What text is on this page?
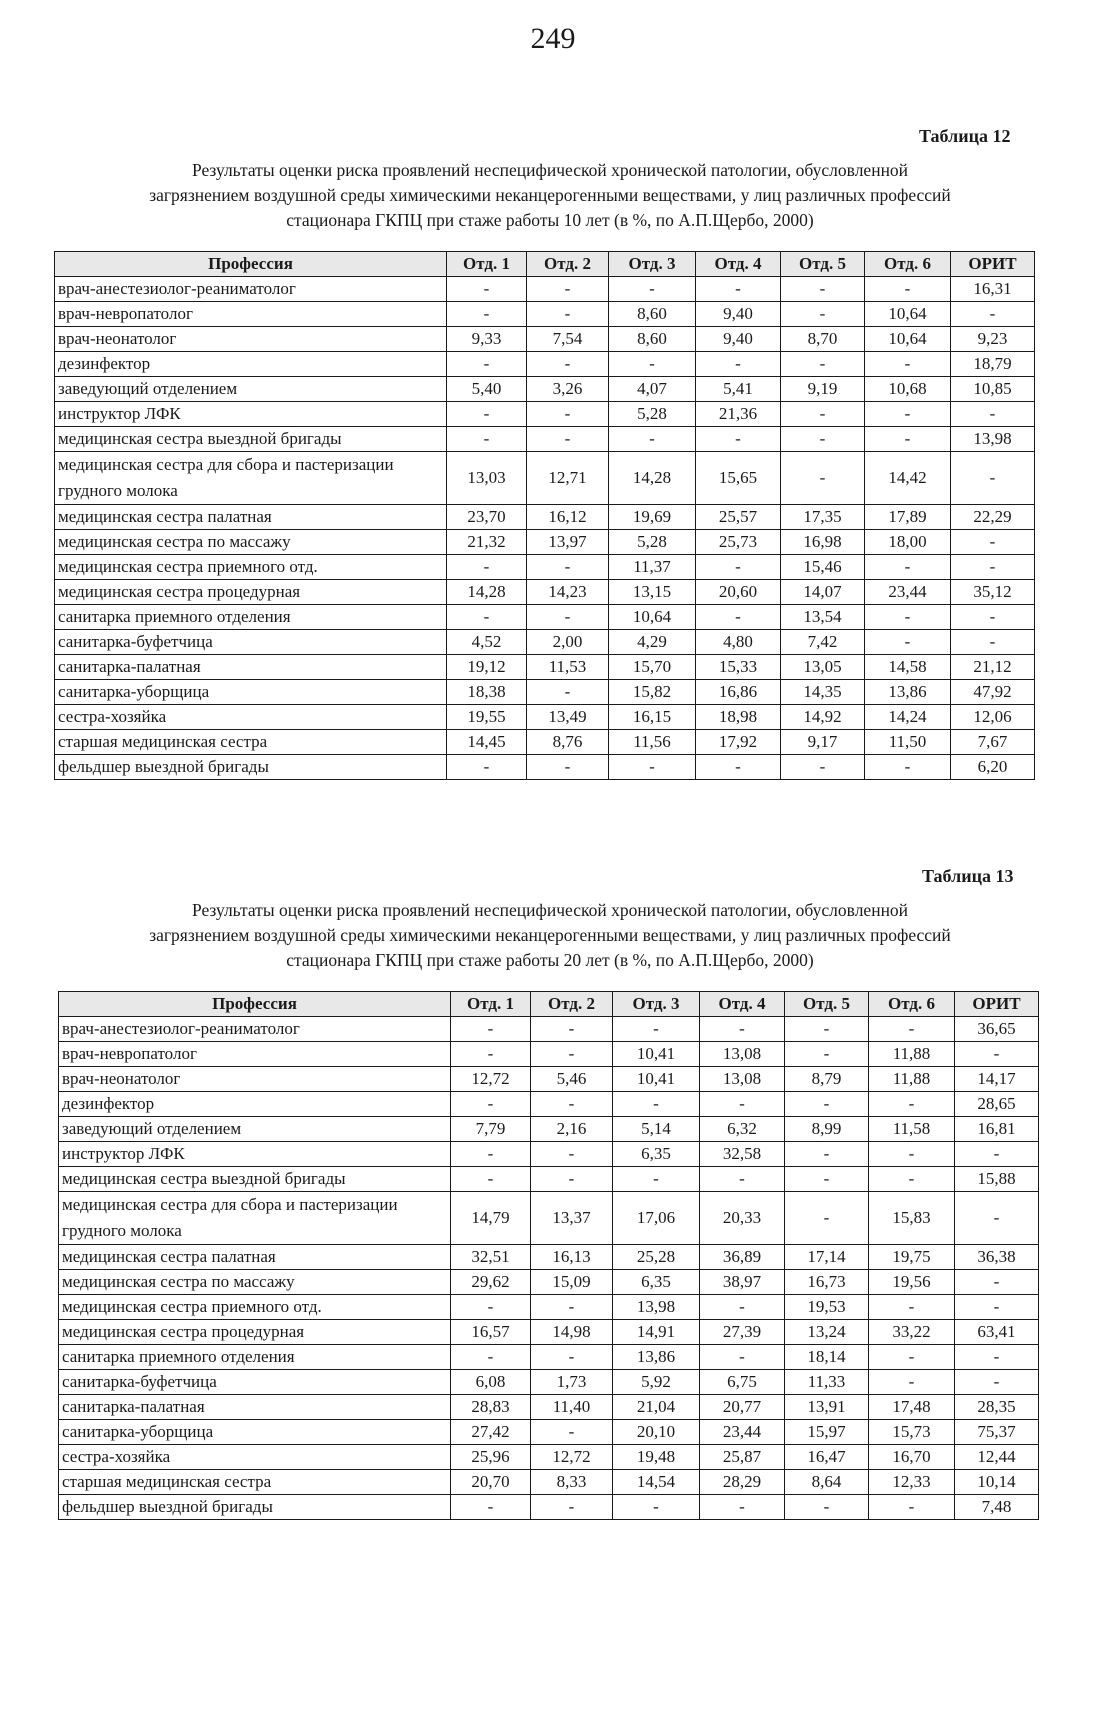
249
Таблица 12
Результаты оценки риска проявлений неспецифической хронической патологии, обусловленной
загрязнением воздушной среды химическими неканцерогенными веществами, у лиц различных профессий
стационара ГКПЦ при стаже работы 10 лет (в %, по А.П.Щербо, 2000)
Профессия	Отд. 1	Отд. 2	Отд. 3	Отд. 4	Отд. 5	Отд. 6	ОРИТ
врач-анестезиолог-реаниматолог	-	-	-	-	-	-	16,31
врач-невропатолог	-	-	8,60	9,40	-	10,64	-
врач-неонатолог	9,33	7,54	8,60	9,40	8,70	10,64	9,23
дезинфектор	-	-	-	-	-	-	18,79
заведующий отделением	5,40	3,26	4,07	5,41	9,19	10,68	10,85
инструктор ЛФК	-	-	5,28	21,36	-	-	-
медицинская сестра выездной бригады	-	-	-	-	-	-	13,98
медицинская сестра для сбора и пастеризации грудного молока	13,03	12,71	14,28	15,65	-	14,42	-
медицинская сестра палатная	23,70	16,12	19,69	25,57	17,35	17,89	22,29
медицинская сестра по массажу	21,32	13,97	5,28	25,73	16,98	18,00	-
медицинская сестра приемного отд.	-	-	11,37	-	15,46	-	-
медицинская сестра процедурная	14,28	14,23	13,15	20,60	14,07	23,44	35,12
санитарка приемного отделения	-	-	10,64	-	13,54	-	-
санитарка-буфетчица	4,52	2,00	4,29	4,80	7,42	-	-
санитарка-палатная	19,12	11,53	15,70	15,33	13,05	14,58	21,12
санитарка-уборщица	18,38	-	15,82	16,86	14,35	13,86	47,92
сестра-хозяйка	19,55	13,49	16,15	18,98	14,92	14,24	12,06
старшая медицинская сестра	14,45	8,76	11,56	17,92	9,17	11,50	7,67
фельдшер выездной бригады	-	-	-	-	-	-	6,20
Таблица 13
Результаты оценки риска проявлений неспецифической хронической патологии, обусловленной
загрязнением воздушной среды химическими неканцерогенными веществами, у лиц различных профессий
стационара ГКПЦ при стаже работы 20 лет (в %, по А.П.Щербо, 2000)
Профессия	Отд. 1	Отд. 2	Отд. 3	Отд. 4	Отд. 5	Отд. 6	ОРИТ
врач-анестезиолог-реаниматолог	-	-	-	-	-	-	36,65
врач-невропатолог	-	-	10,41	13,08	-	11,88	-
врач-неонатолог	12,72	5,46	10,41	13,08	8,79	11,88	14,17
дезинфектор	-	-	-	-	-	-	28,65
заведующий отделением	7,79	2,16	5,14	6,32	8,99	11,58	16,81
инструктор ЛФК	-	-	6,35	32,58	-	-	-
медицинская сестра выездной бригады	-	-	-	-	-	-	15,88
медицинская сестра для сбора и пастеризации грудного молока	14,79	13,37	17,06	20,33	-	15,83	-
медицинская сестра палатная	32,51	16,13	25,28	36,89	17,14	19,75	36,38
медицинская сестра по массажу	29,62	15,09	6,35	38,97	16,73	19,56	-
медицинская сестра приемного отд.	-	-	13,98	-	19,53	-	-
медицинская сестра процедурная	16,57	14,98	14,91	27,39	13,24	33,22	63,41
санитарка приемного отделения	-	-	13,86	-	18,14	-	-
санитарка-буфетчица	6,08	1,73	5,92	6,75	11,33	-	-
санитарка-палатная	28,83	11,40	21,04	20,77	13,91	17,48	28,35
санитарка-уборщица	27,42	-	20,10	23,44	15,97	15,73	75,37
сестра-хозяйка	25,96	12,72	19,48	25,87	16,47	16,70	12,44
старшая медицинская сестра	20,70	8,33	14,54	28,29	8,64	12,33	10,14
фельдшер выездной бригады	-	-	-	-	-	-	7,48
